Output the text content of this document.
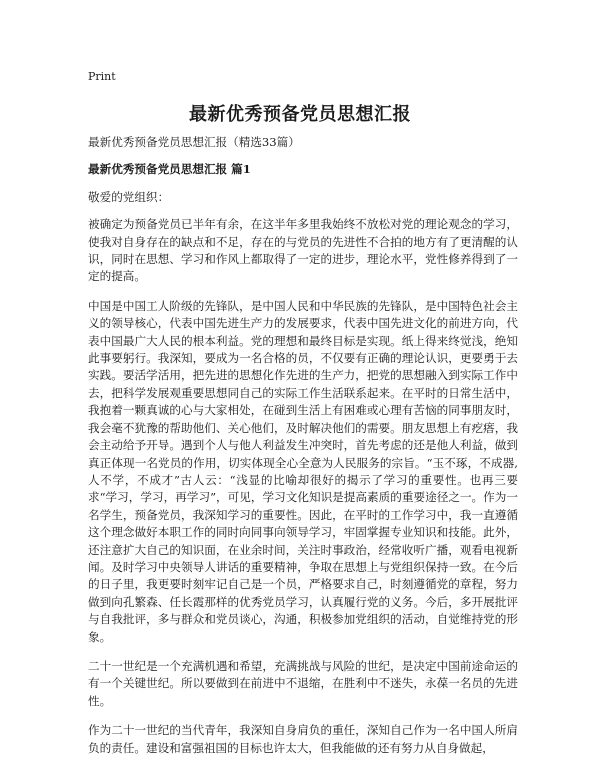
Print
最新优秀预备党员思想汇报

最新优秀预备党员思想汇报（精选33篇）

最新优秀预备党员思想汇报 篇1

敬爱的党组织：

被确定为预备党员已半年有余，在这半年多里我始终不放松对党的理论观念的学习，使我对自身存在的缺点和不足，存在的与党员的先进性不合拍的地方有了更清醒的认识，同时在思想、学习和作风上都取得了一定的进步，理论水平，党性修养得到了一定的提高。

中国是中国工人阶级的先锋队，是中国人民和中华民族的先锋队，是中国特色社会主义的领导核心，代表中国先进生产力的发展要求，代表中国先进文化的前进方向，代表中国最广大人民的根本利益。党的理想和最终目标是实现。纸上得来终觉浅，绝知此事要躬行。我深知，要成为一名合格的员，不仅要有正确的理论认识，更要勇于去实践。要活学活用，把先进的思想化作先进的生产力，把党的思想融入到实际工作中去，把科学发展观重要思想同自己的实际工作生活联系起来。在平时的日常生活中，我抱着一颗真诚的心与大家相处，在碰到生活上有困难或心理有苦恼的同事朋友时，我会毫不犹豫的帮助他们、关心他们，及时解决他们的需要。朋友思想上有疙瘩，我会主动给予开导。遇到个人与他人利益发生冲突时，首先考虑的还是他人利益，做到真正体现一名党员的作用，切实体现全心全意为人民服务的宗旨。“玉不琢，不成器,人不学，不成才”古人云：“浅显的比喻却很好的揭示了学习的重要性。也再三要求“学习，学习，再学习”，可见，学习文化知识是提高素质的重要途径之一。作为一名学生，预备党员，我深知学习的重要性。因此，在平时的工作学习中，我一直遵循这个理念做好本职工作的同时向同事向领导学习，牢固掌握专业知识和技能。此外，还注意扩大自己的知识面，在业余时间，关注时事政治，经常收听广播，观看电视新闻。及时学习中央领导人讲话的重要精神，争取在思想上与党组织保持一致。在今后的日子里，我更要时刻牢记自己是一个员，严格要求自己，时刻遵循党的章程，努力做到向孔繁森、任长霞那样的优秀党员学习，认真履行党的义务。今后，多开展批评与自我批评，多与群众和党员谈心，沟通，积极参加党组织的活动，自觉维持党的形象。

二十一世纪是一个充满机遇和希望，充满挑战与风险的世纪，是决定中国前途命运的有一个关键世纪。所以要做到在前进中不退缩，在胜利中不迷失，永葆一名员的先进性。

作为二十一世纪的当代青年，我深知自身肩负的重任，深知自己作为一名中国人所肩负的责任。建设和富强祖国的目标也许太大，但我能做的还有努力从自身做起，
